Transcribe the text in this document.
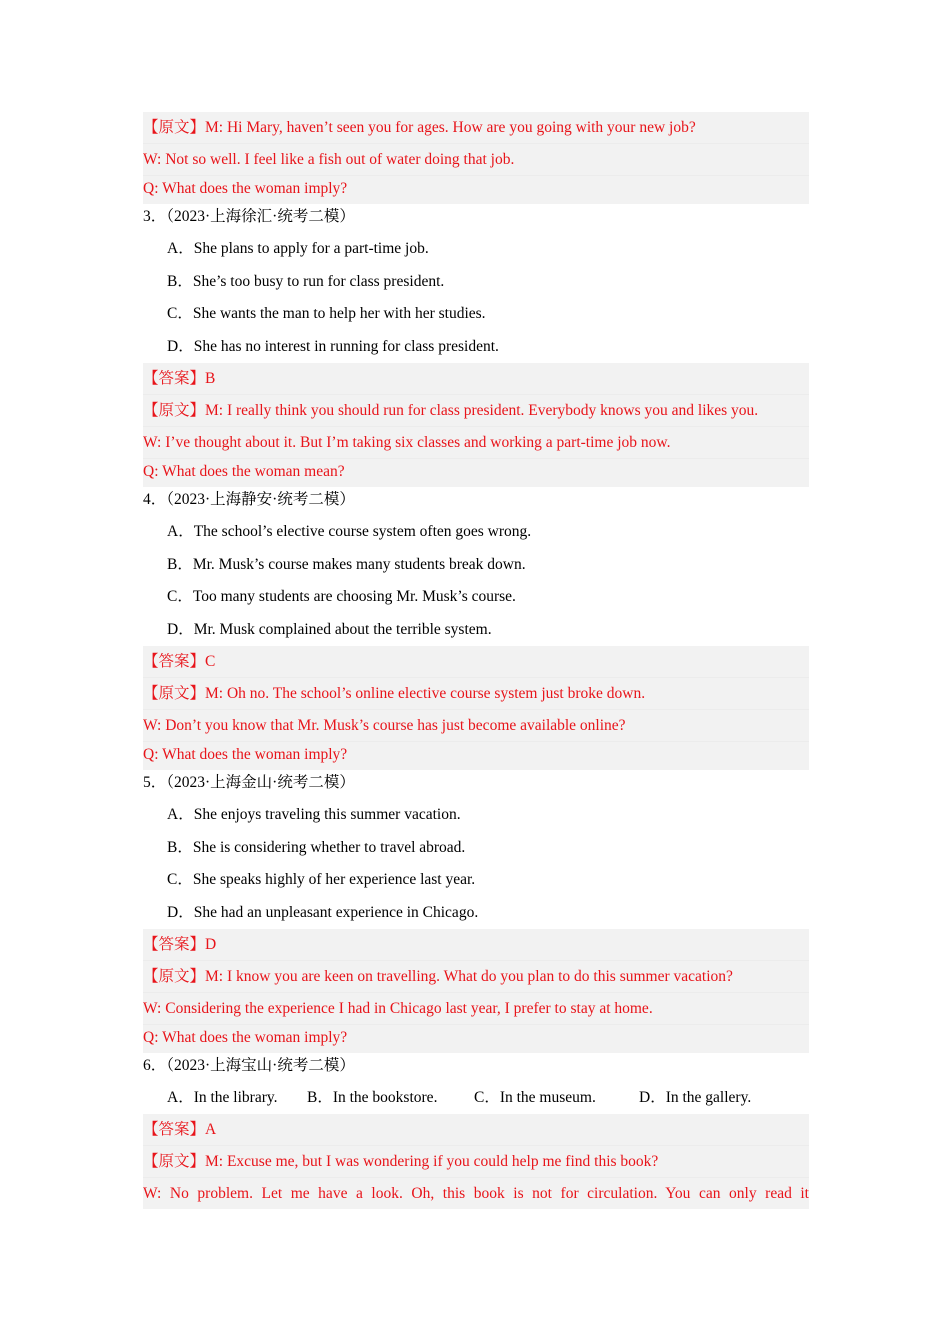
【原文】M: Hi Mary, haven’t seen you for ages. How are you going with your new job?
W: Not so well. I feel like a fish out of water doing that job.
Q: What does the woman imply?
3．（2023·上海徐汇·统考二模）
A．She plans to apply for a part-time job.
B．She’s too busy to run for class president.
C．She wants the man to help her with her studies.
D．She has no interest in running for class president.
【答案】B
【原文】M: I really think you should run for class president. Everybody knows you and likes you.
W: I’ve thought about it. But I’m taking six classes and working a part-time job now.
Q: What does the woman mean?
4．（2023·上海静安·统考二模）
A．The school’s elective course system often goes wrong.
B．Mr. Musk’s course makes many students break down.
C．Too many students are choosing Mr. Musk’s course.
D．Mr. Musk complained about the terrible system.
【答案】C
【原文】M: Oh no. The school’s online elective course system just broke down.
W: Don’t you know that Mr. Musk’s course has just become available online?
Q: What does the woman imply?
5．（2023·上海金山·统考二模）
A．She enjoys traveling this summer vacation.
B．She is considering whether to travel abroad.
C．She speaks highly of her experience last year.
D．She had an unpleasant experience in Chicago.
【答案】D
【原文】M: I know you are keen on travelling. What do you plan to do this summer vacation?
W: Considering the experience I had in Chicago last year, I prefer to stay at home.
Q: What does the woman imply?
6．（2023·上海宝山·统考二模）
A．In the library.	B．In the bookstore.	C．In the museum.	D．In the gallery.
【答案】A
【原文】M: Excuse me, but I was wondering if you could help me find this book?
W: No problem. Let me have a look. Oh, this book is not for circulation. You can only read it
